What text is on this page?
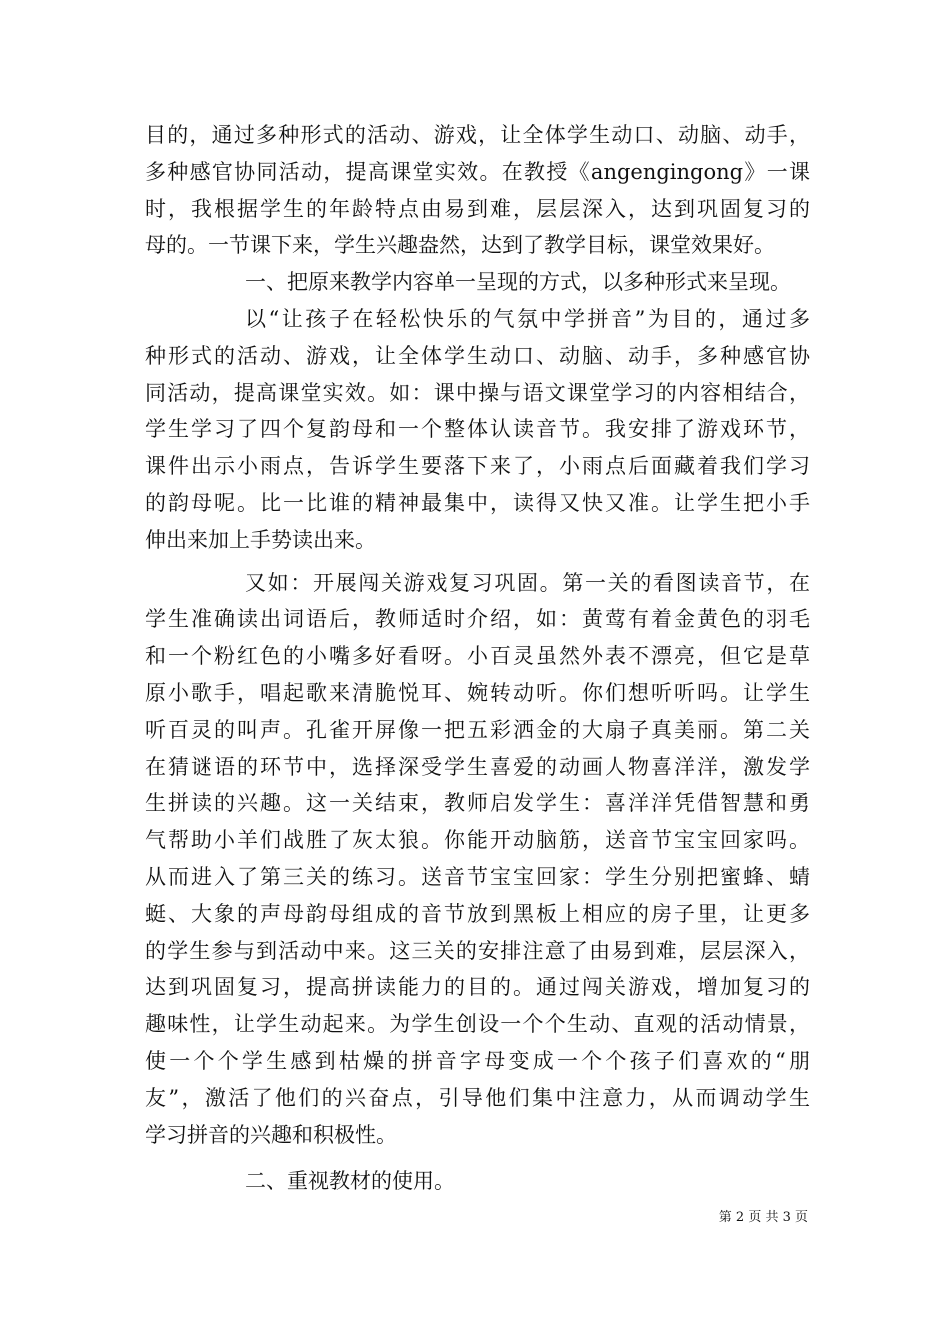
目的，通过多种形式的活动、游戏，让全体学生动口、动脑、动手，
多种感官协同活动，提高课堂实效。在教授《angengingong》一课
时，我根据学生的年龄特点由易到难，层层深入，达到巩固复习的
母的。一节课下来，学生兴趣盎然，达到了教学目标，课堂效果好。
一、把原来教学内容单一呈现的方式，以多种形式来呈现。
以“让孩子在轻松快乐的气氛中学拼音”为目的，通过多
种形式的活动、游戏，让全体学生动口、动脑、动手，多种感官协
同活动，提高课堂实效。如：课中操与语文课堂学习的内容相结合，
学生学习了四个复韵母和一个整体认读音节。我安排了游戏环节，
课件出示小雨点，告诉学生要落下来了，小雨点后面藏着我们学习
的韵母呢。比一比谁的精神最集中，读得又快又准。让学生把小手
伸出来加上手势读出来。
又如：开展闯关游戏复习巩固。第一关的看图读音节，在
学生准确读出词语后，教师适时介绍，如：黄莺有着金黄色的羽毛
和一个粉红色的小嘴多好看呀。小百灵虽然外表不漂亮，但它是草
原小歌手，唱起歌来清脆悦耳、婉转动听。你们想听听吗。让学生
听百灵的叫声。孔雀开屏像一把五彩洒金的大扇子真美丽。第二关
在猜谜语的环节中，选择深受学生喜爱的动画人物喜洋洋，激发学
生拼读的兴趣。这一关结束，教师启发学生：喜洋洋凭借智慧和勇
气帮助小羊们战胜了灰太狼。你能开动脑筋，送音节宝宝回家吗。
从而进入了第三关的练习。送音节宝宝回家：学生分别把蜜蜂、蜻
蜓、大象的声母韵母组成的音节放到黑板上相应的房子里，让更多
的学生参与到活动中来。这三关的安排注意了由易到难，层层深入，
达到巩固复习，提高拼读能力的目的。通过闯关游戏，增加复习的
趣味性，让学生动起来。为学生创设一个个生动、直观的活动情景，
使一个个学生感到枯燥的拼音字母变成一个个孩子们喜欢的“朋
友”，激活了他们的兴奋点，引导他们集中注意力，从而调动学生
学习拼音的兴趣和积极性。
二、重视教材的使用。
第 2 页 共 3 页
